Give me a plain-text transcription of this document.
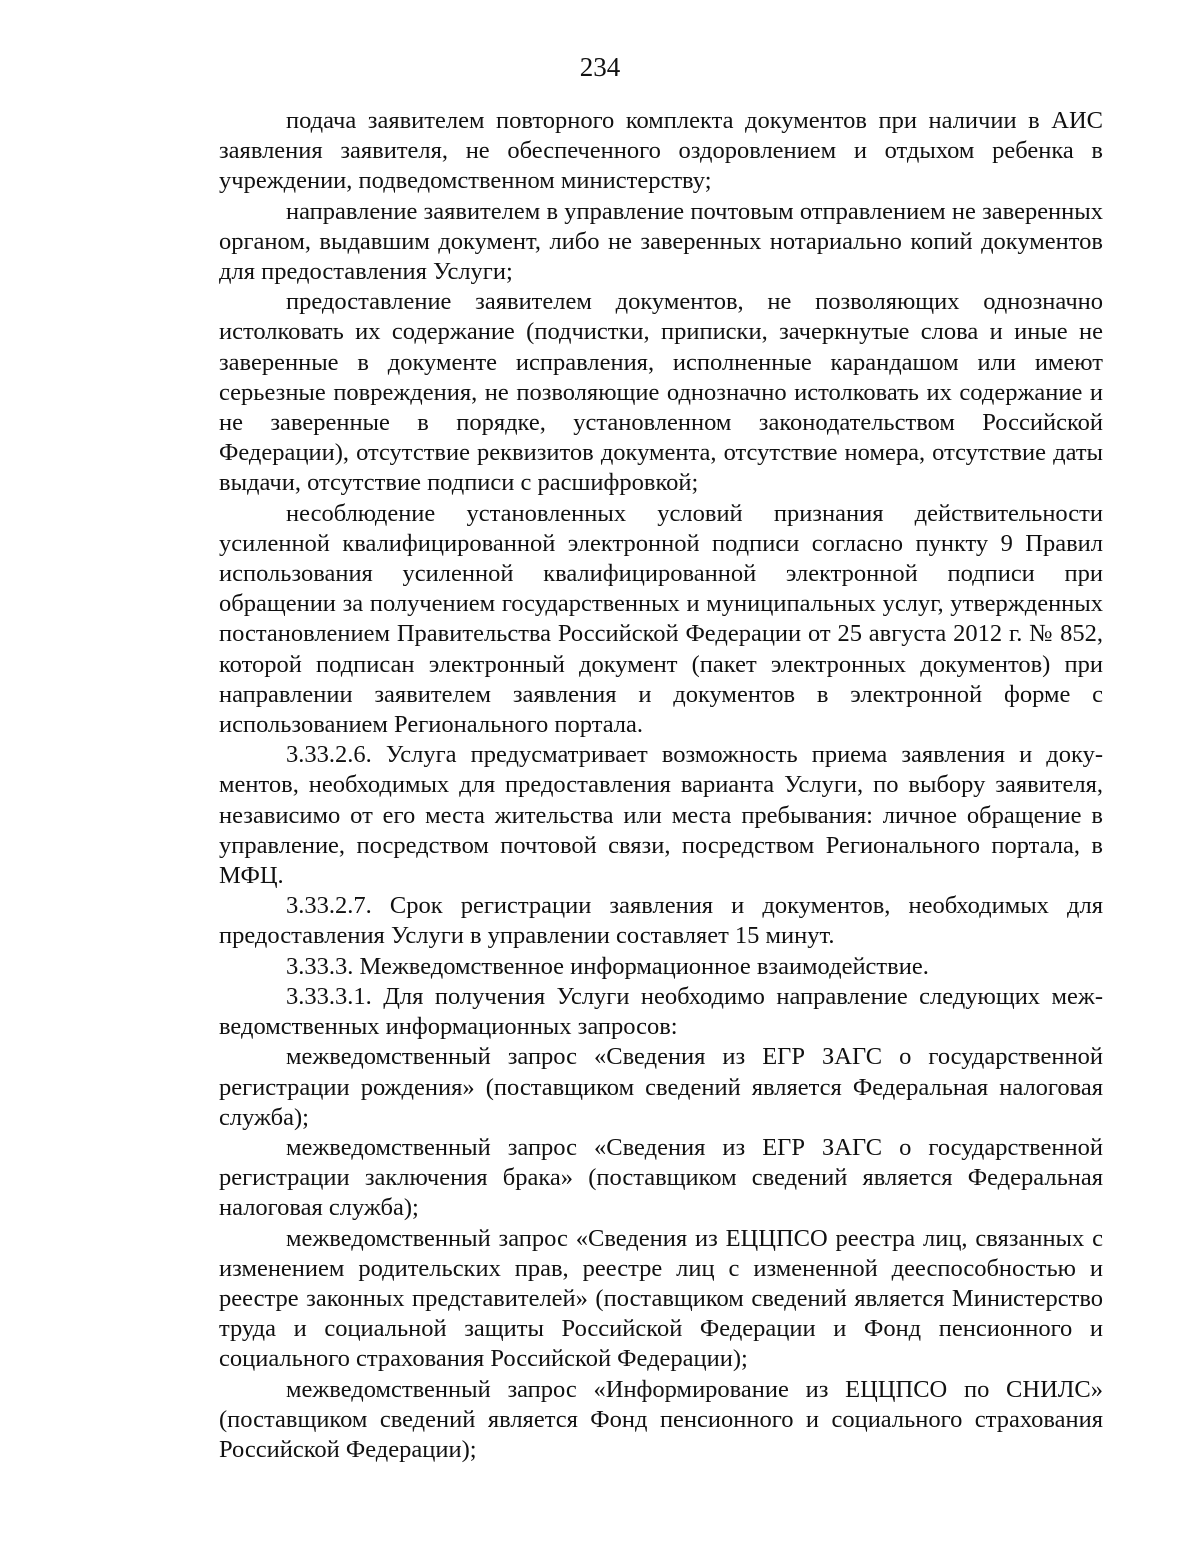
234

подача заявителем повторного комплекта документов при наличии в АИС заявления заявителя, не обеспеченного оздоровлением и отдыхом ребенка в учреждении, подведомственном министерству;

направление заявителем в управление почтовым отправлением не заверенных органом, выдавшим документ, либо не заверенных нотариально копий документов для предоставления Услуги;

предоставление заявителем документов, не позволяющих однозначно истолковать их содержание (подчистки, приписки, зачеркнутые слова и иные не заверенные в документе исправления, исполненные карандашом или имеют серьезные повреждения, не позволяющие однозначно истолковать их содержание и не заверенные в порядке, установленном законодательством Российской Федерации), отсутствие реквизитов документа, отсутствие номера, отсутствие даты выдачи, отсутствие подписи с расшифровкой;

несоблюдение установленных условий признания действительности усиленной квалифицированной электронной подписи согласно пункту 9 Правил использования усиленной квалифицированной электронной подписи при обращении за получением государственных и муниципальных услуг, утвержденных постановлением Правительства Российской Федерации от 25 августа 2012 г. № 852, которой подписан электронный документ (пакет электронных документов) при направлении заявителем заявления и документов в электронной форме с использованием Регионального портала.

3.33.2.6. Услуга предусматривает возможность приема заявления и документов, необходимых для предоставления варианта Услуги, по выбору заявителя, независимо от его места жительства или места пребывания: личное обращение в управление, посредством почтовой связи, посредством Регионального портала, в МФЦ.

3.33.2.7. Срок регистрации заявления и документов, необходимых для предоставления Услуги в управлении составляет 15 минут.

3.33.3. Межведомственное информационное взаимодействие.

3.33.3.1. Для получения Услуги необходимо направление следующих межведомственных информационных запросов:

межведомственный запрос «Сведения из ЕГР ЗАГС о государственной регистрации рождения» (поставщиком сведений является Федеральная налоговая служба);

межведомственный запрос «Сведения из ЕГР ЗАГС о государственной регистрации заключения брака» (поставщиком сведений является Федеральная налоговая служба);

межведомственный запрос «Сведения из ЕЦЦПСО реестра лиц, связанных с изменением родительских прав, реестре лиц с измененной дееспособностью и реестре законных представителей» (поставщиком сведений является Министерство труда и социальной защиты Российской Федерации и Фонд пенсионного и социального страхования Российской Федерации);

межведомственный запрос «Информирование из ЕЦЦПСО по СНИЛС» (поставщиком сведений является Фонд пенсионного и социального страхования Российской Федерации);
